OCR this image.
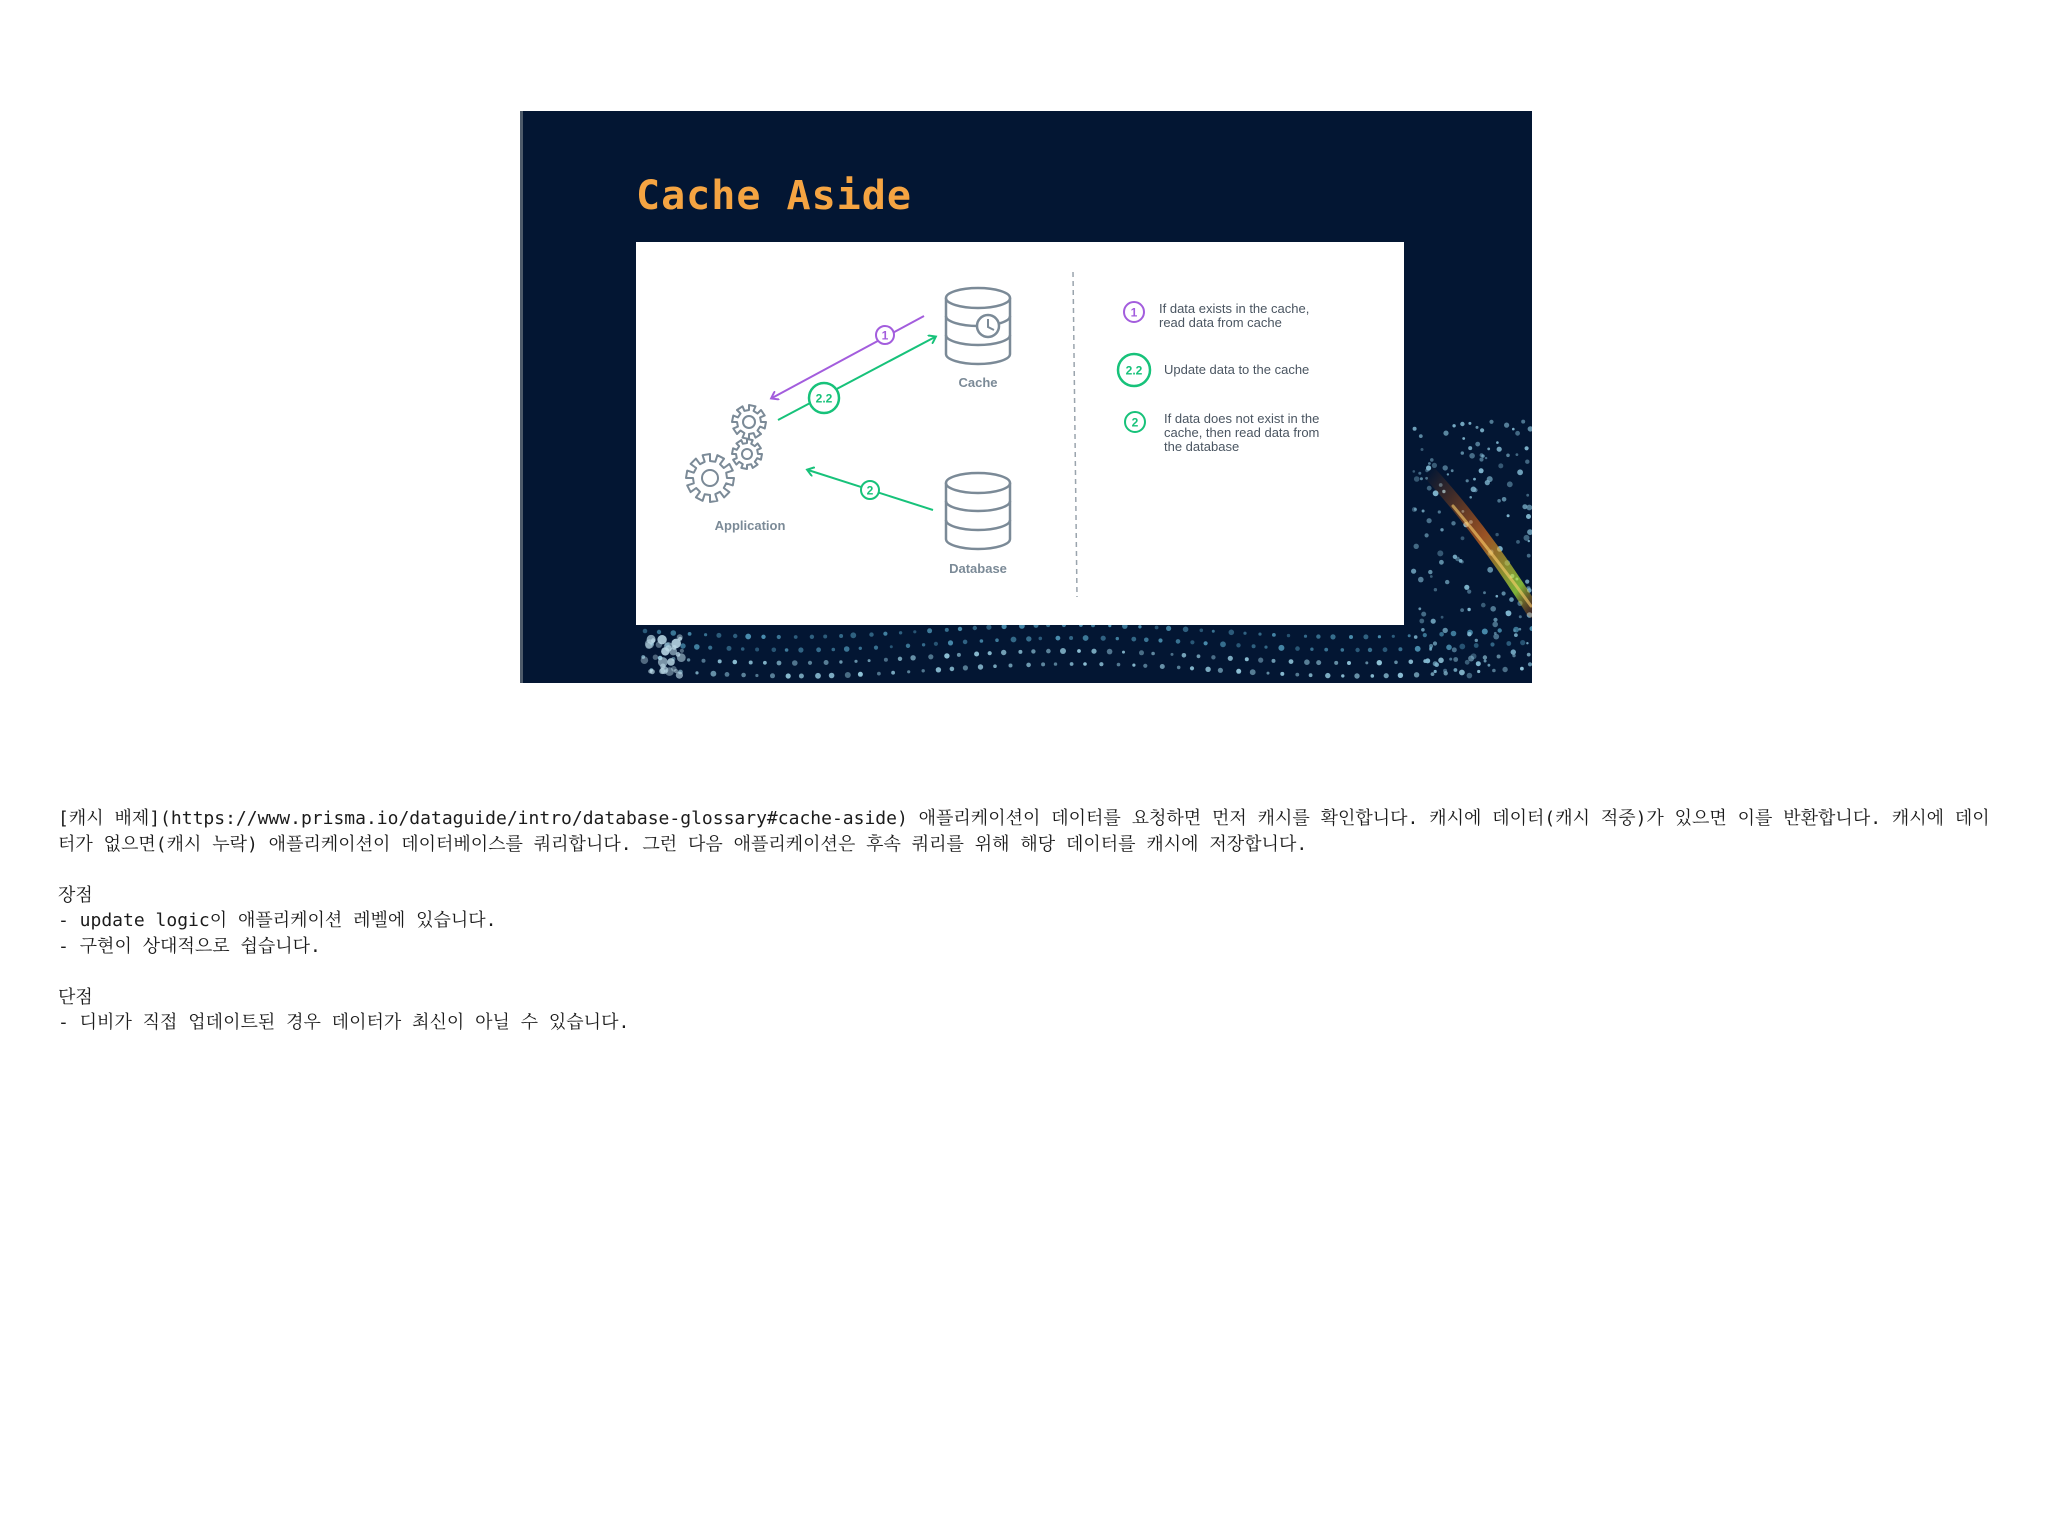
Cache Aside
Cache
Database
Application
1
2.2
2
1
2.2
2
If data exists in the cache,
read data from cache
Update data to the cache
If data does not exist in the
cache, then read data from
the database

[캐시 배제](https://www.prisma.io/dataguide/intro/database-glossary#cache-aside) 애플리케이션이 데이터를 요청하면 먼저 캐시를 확인합니다. 캐시에 데이터(캐시 적중)가 있으면 이를 반환합니다. 캐시에 데이터가 없으면(캐시 누락) 애플리케이션이 데이터베이스를 쿼리합니다. 그런 다음 애플리케이션은 후속 쿼리를 위해 해당 데이터를 캐시에 저장합니다.

장점

- update logic이 애플리케이션 레벨에 있습니다.

- 구현이 상대적으로 쉽습니다.

단점

- 디비가 직접 업데이트된 경우 데이터가 최신이 아닐 수 있습니다.
